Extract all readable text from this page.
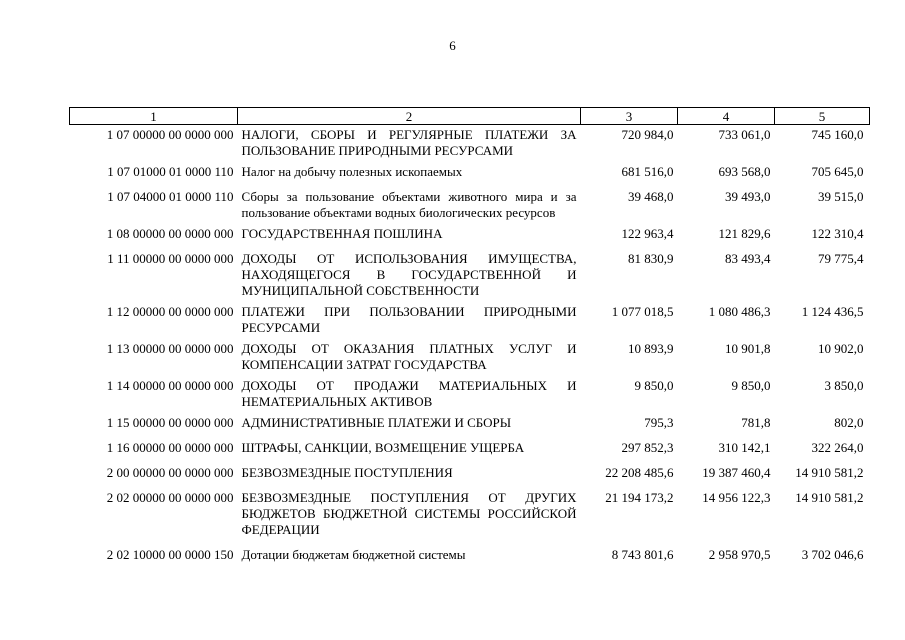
6
1	2	3	4	5
1 07 00000 00 0000 000	НАЛОГИ, СБОРЫ И РЕГУЛЯРНЫЕ ПЛАТЕЖИ ЗА ПОЛЬЗОВАНИЕ ПРИРОДНЫМИ РЕСУРСАМИ	720 984,0	733 061,0	745 160,0
1 07 01000 01 0000 110	Налог на добычу полезных ископаемых	681 516,0	693 568,0	705 645,0
1 07 04000 01 0000 110	Сборы за пользование объектами животного мира и за пользование объектами водных биологических ресурсов	39 468,0	39 493,0	39 515,0
1 08 00000 00 0000 000	ГОСУДАРСТВЕННАЯ ПОШЛИНА	122 963,4	121 829,6	122 310,4
1 11 00000 00 0000 000	ДОХОДЫ ОТ ИСПОЛЬЗОВАНИЯ ИМУЩЕСТВА, НАХОДЯЩЕГОСЯ В ГОСУДАРСТВЕННОЙ И МУНИЦИПАЛЬНОЙ СОБСТВЕННОСТИ	81 830,9	83 493,4	79 775,4
1 12 00000 00 0000 000	ПЛАТЕЖИ ПРИ ПОЛЬЗОВАНИИ ПРИРОДНЫМИ РЕСУРСАМИ	1 077 018,5	1 080 486,3	1 124 436,5
1 13 00000 00 0000 000	ДОХОДЫ ОТ ОКАЗАНИЯ ПЛАТНЫХ УСЛУГ И КОМПЕНСАЦИИ ЗАТРАТ ГОСУДАРСТВА	10 893,9	10 901,8	10 902,0
1 14 00000 00 0000 000	ДОХОДЫ ОТ ПРОДАЖИ МАТЕРИАЛЬНЫХ И НЕМАТЕРИАЛЬНЫХ АКТИВОВ	9 850,0	9 850,0	3 850,0
1 15 00000 00 0000 000	АДМИНИСТРАТИВНЫЕ ПЛАТЕЖИ И СБОРЫ	795,3	781,8	802,0
1 16 00000 00 0000 000	ШТРАФЫ, САНКЦИИ, ВОЗМЕЩЕНИЕ УЩЕРБА	297 852,3	310 142,1	322 264,0
2 00 00000 00 0000 000	БЕЗВОЗМЕЗДНЫЕ ПОСТУПЛЕНИЯ	22 208 485,6	19 387 460,4	14 910 581,2
2 02 00000 00 0000 000	БЕЗВОЗМЕЗДНЫЕ ПОСТУПЛЕНИЯ ОТ ДРУГИХ БЮДЖЕТОВ БЮДЖЕТНОЙ СИСТЕМЫ РОССИЙСКОЙ ФЕДЕРАЦИИ	21 194 173,2	14 956 122,3	14 910 581,2
2 02 10000 00 0000 150	Дотации бюджетам бюджетной системы	8 743 801,6	2 958 970,5	3 702 046,6
